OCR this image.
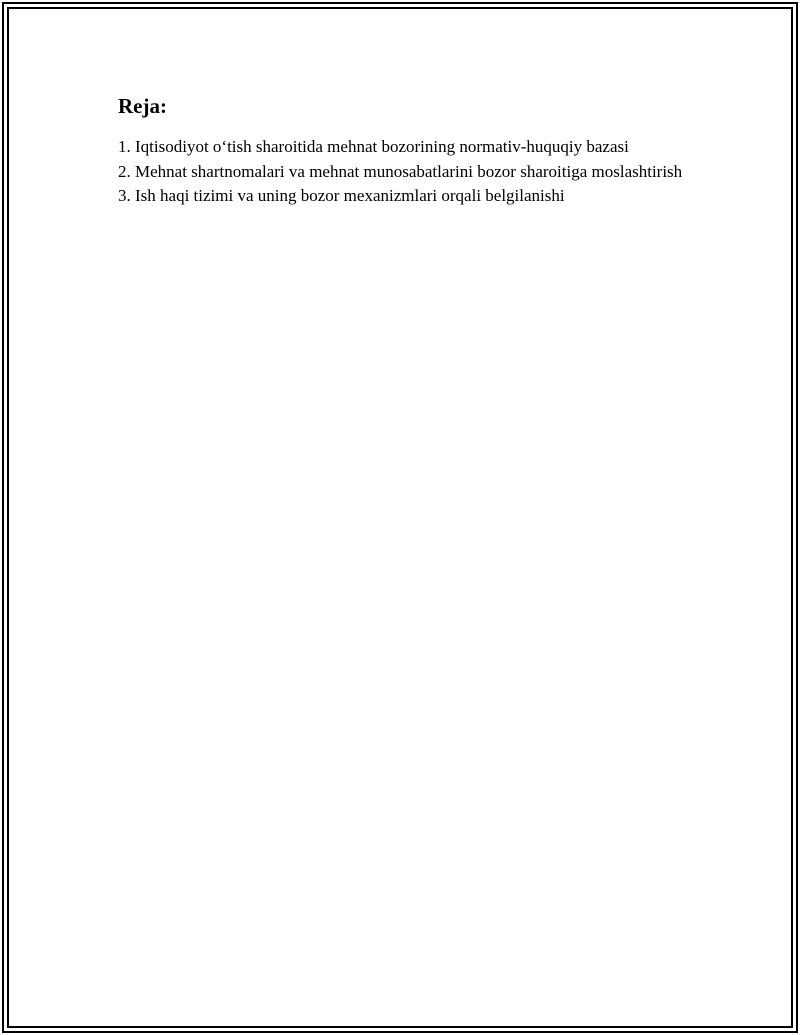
Reja:
1. Iqtisodiyot o‘tish sharoitida mehnat bozorining normativ-huquqiy bazasi
2. Mehnat shartnomalari va mehnat munosabatlarini bozor sharoitiga moslashtirish
3. Ish haqi tizimi va uning bozor mexanizmlari orqali belgilanishi
